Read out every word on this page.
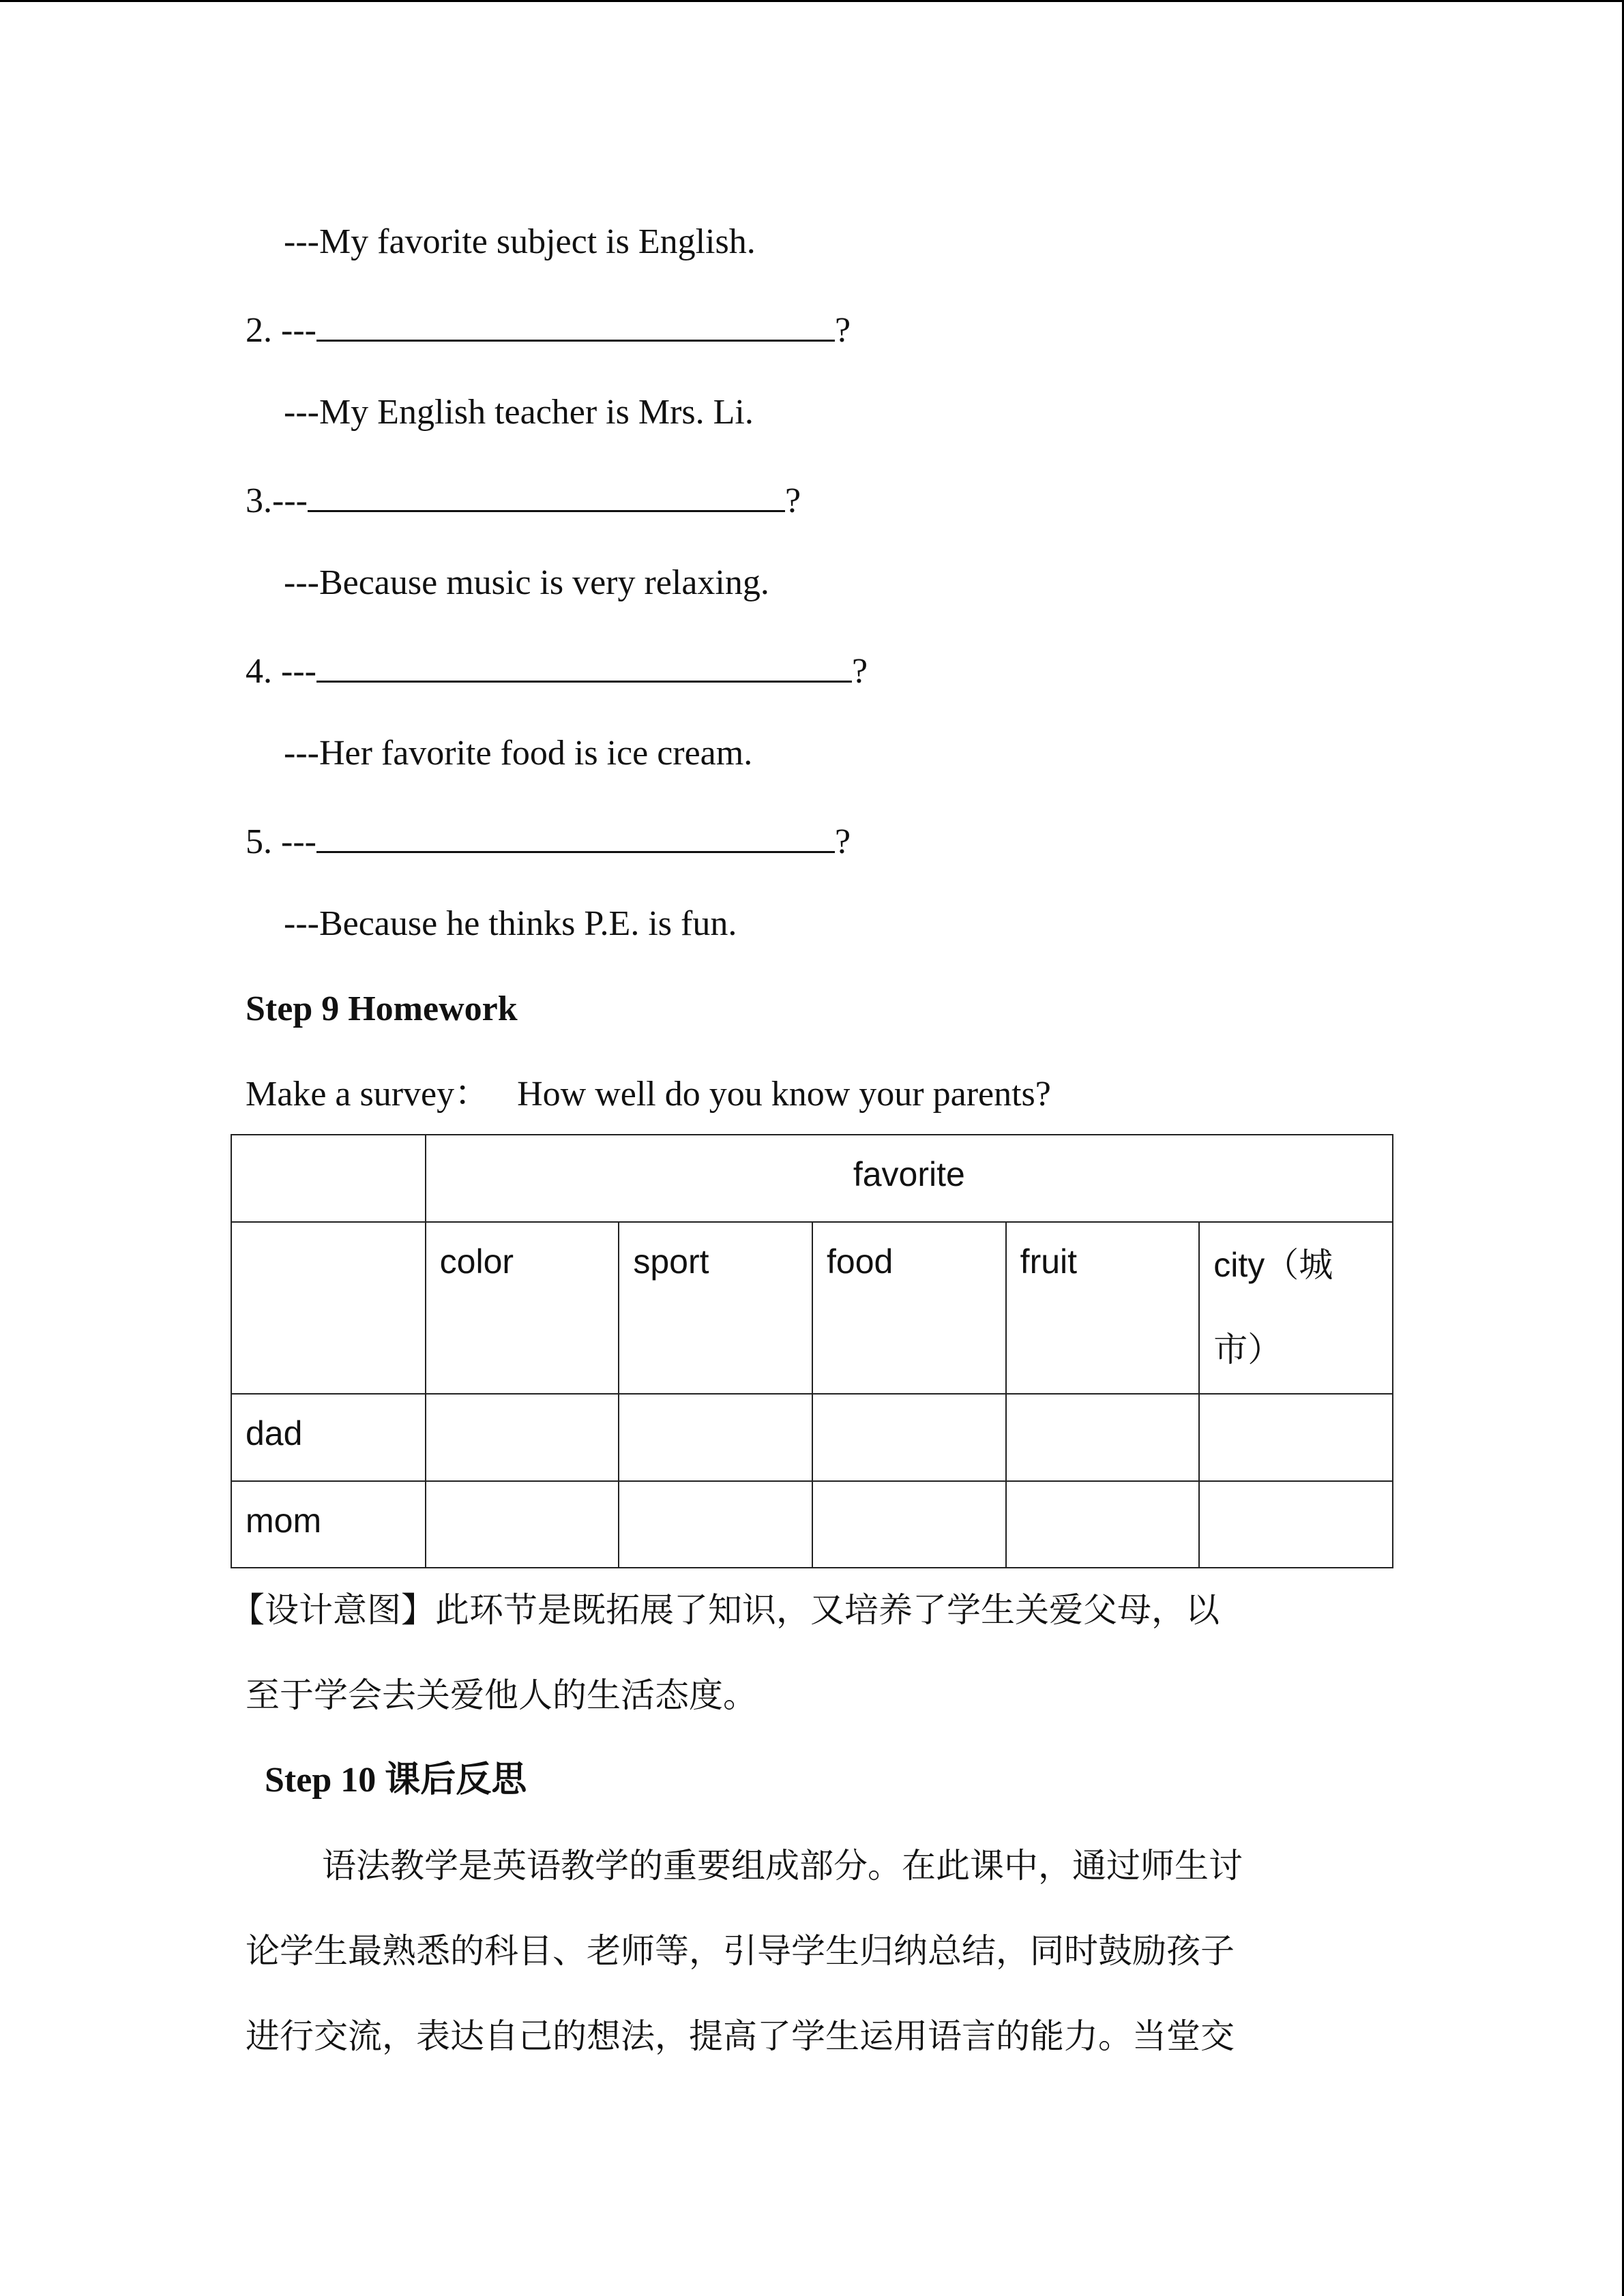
---My favorite subject is English.
2. ---	?
---My English teacher is Mrs. Li.
3.---	?
---Because music is very relaxing.
4. ---	?
---Her favorite food is ice cream.
5. ---	?
---Because he thinks P.E. is fun.
Step 9 Homework
Make a survey： How well do you know your parents?
	favorite				
	color	sport	food	fruit	city（城市）
dad					
mom					
【设计意图】此环节是既拓展了知识，又培养了学生关爱父母，以
至于学会去关爱他人的生活态度。
Step 10 课后反思
语法教学是英语教学的重要组成部分。在此课中，通过师生讨
论学生最熟悉的科目、老师等，引导学生归纳总结，同时鼓励孩子
进行交流，表达自己的想法，提高了学生运用语言的能力。当堂交
